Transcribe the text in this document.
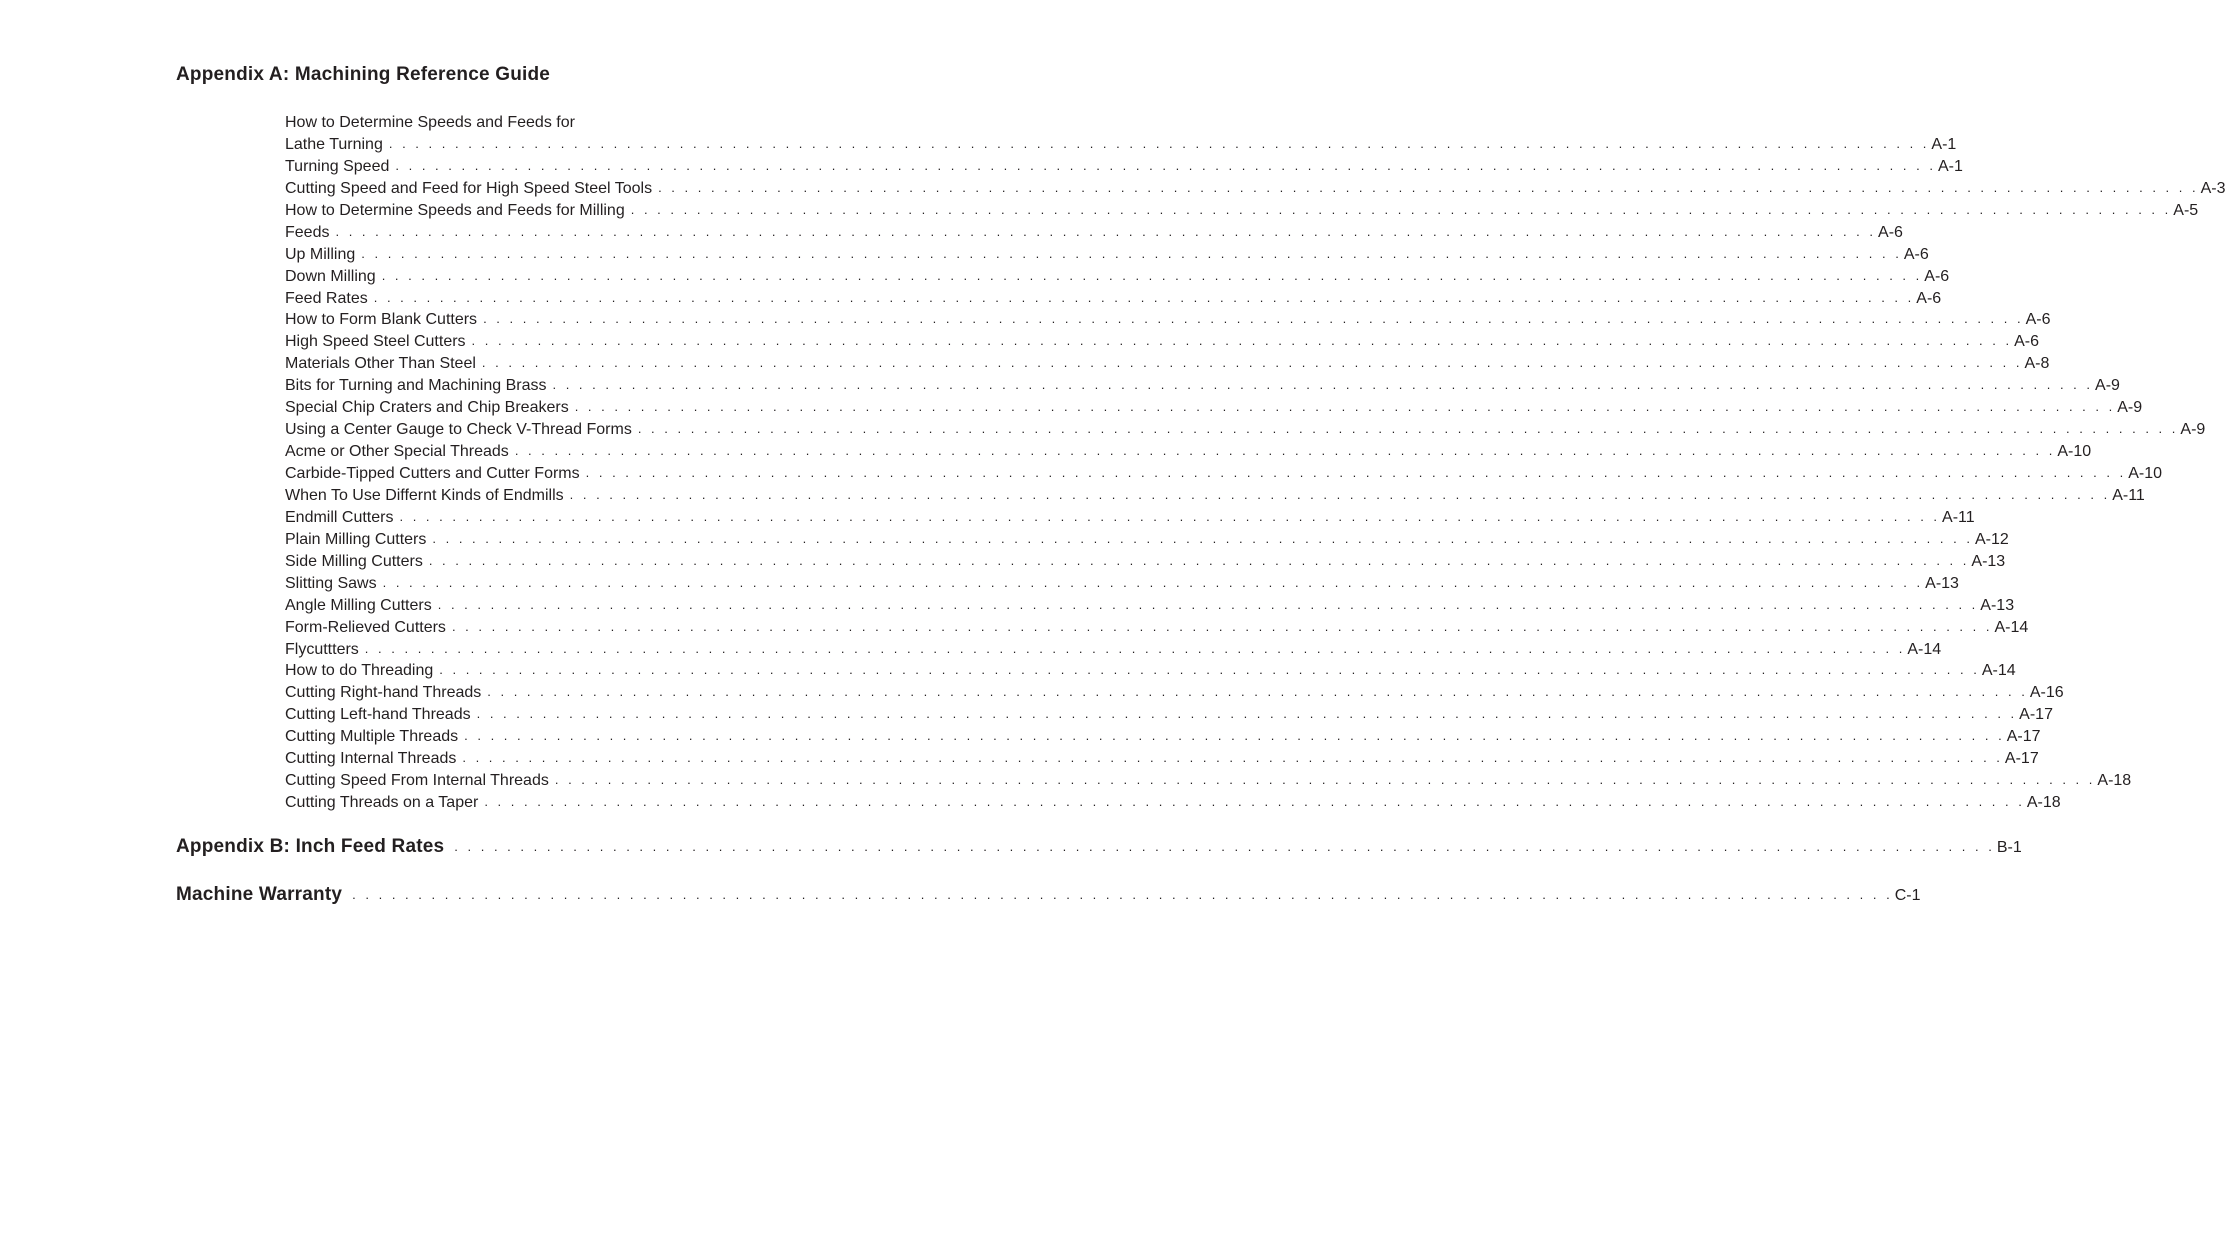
Appendix A: Machining Reference Guide
How to Determine Speeds and Feeds for
Lathe Turning . . . . . . . . . . . . . . . . . . . . . . . . . . . . . . . . . . . . . . . . . . . . . . . . . . . . . . . . . . . . . . . . . . . . . . . . . . . . . . . . . . . . . . . . . . . . . . . . . . . . . . . . . . . . . . . . . . . . . A-1
Turning Speed . . . . . . . . . . . . . . . . . . . . . . . . . . . . . . . . . . . . . . . . . . . . . . . . . . . . . . . . . . . . . . . . . . . . . . . . . . . . . . . . . . . . . . . . . . . . . . . . . . . . . . . . . . . . . . . . . . . . . A-1
Cutting Speed and Feed for High Speed Steel Tools . . . . . . . . . . . . . . . . . . . . . . . . . . . . . . . . . . . . . . . . . . . . . . . . . . . . . . . . . . . . . . . . . . . . . . . . . . . . . . . . . . . . . . . . . . . . . . . . . . . . . . . . . . . . . . . . . . . . . A-3
How to Determine Speeds and Feeds for Milling . . . . . . . . . . . . . . . . . . . . . . . . . . . . . . . . . . . . . . . . . . . . . . . . . . . . . . . . . . . . . . . . . . . . . . . . . . . . . . . . . . . . . . . . . . . . . . . . . . . . . . . . . . . . . . . . . . . . . A-5
Feeds . . . . . . . . . . . . . . . . . . . . . . . . . . . . . . . . . . . . . . . . . . . . . . . . . . . . . . . . . . . . . . . . . . . . . . . . . . . . . . . . . . . . . . . . . . . . . . . . . . . . . . . . . . . . . . . . . . . . . A-6
Up Milling . . . . . . . . . . . . . . . . . . . . . . . . . . . . . . . . . . . . . . . . . . . . . . . . . . . . . . . . . . . . . . . . . . . . . . . . . . . . . . . . . . . . . . . . . . . . . . . . . . . . . . . . . . . . . . . . . . . . . A-6
Down Milling . . . . . . . . . . . . . . . . . . . . . . . . . . . . . . . . . . . . . . . . . . . . . . . . . . . . . . . . . . . . . . . . . . . . . . . . . . . . . . . . . . . . . . . . . . . . . . . . . . . . . . . . . . . . . . . . . . . . . A-6
Feed Rates . . . . . . . . . . . . . . . . . . . . . . . . . . . . . . . . . . . . . . . . . . . . . . . . . . . . . . . . . . . . . . . . . . . . . . . . . . . . . . . . . . . . . . . . . . . . . . . . . . . . . . . . . . . . . . . . . . . . . A-6
How to Form Blank Cutters . . . . . . . . . . . . . . . . . . . . . . . . . . . . . . . . . . . . . . . . . . . . . . . . . . . . . . . . . . . . . . . . . . . . . . . . . . . . . . . . . . . . . . . . . . . . . . . . . . . . . . . . . . . . . . . . . . . . . A-6
High Speed Steel Cutters . . . . . . . . . . . . . . . . . . . . . . . . . . . . . . . . . . . . . . . . . . . . . . . . . . . . . . . . . . . . . . . . . . . . . . . . . . . . . . . . . . . . . . . . . . . . . . . . . . . . . . . . . . . . . . . . . . . . . A-6
Materials Other Than Steel . . . . . . . . . . . . . . . . . . . . . . . . . . . . . . . . . . . . . . . . . . . . . . . . . . . . . . . . . . . . . . . . . . . . . . . . . . . . . . . . . . . . . . . . . . . . . . . . . . . . . . . . . . . . . . . . . . . . . A-8
Bits for Turning and Machining Brass . . . . . . . . . . . . . . . . . . . . . . . . . . . . . . . . . . . . . . . . . . . . . . . . . . . . . . . . . . . . . . . . . . . . . . . . . . . . . . . . . . . . . . . . . . . . . . . . . . . . . . . . . . . . . . . . . . . . . A-9
Special Chip Craters and Chip Breakers . . . . . . . . . . . . . . . . . . . . . . . . . . . . . . . . . . . . . . . . . . . . . . . . . . . . . . . . . . . . . . . . . . . . . . . . . . . . . . . . . . . . . . . . . . . . . . . . . . . . . . . . . . . . . . . . . . . . . A-9
Using a Center Gauge to Check V-Thread Forms . . . . . . . . . . . . . . . . . . . . . . . . . . . . . . . . . . . . . . . . . . . . . . . . . . . . . . . . . . . . . . . . . . . . . . . . . . . . . . . . . . . . . . . . . . . . . . . . . . . . . . . . . . . . . . . . . . . . . A-9
Acme or Other Special Threads . . . . . . . . . . . . . . . . . . . . . . . . . . . . . . . . . . . . . . . . . . . . . . . . . . . . . . . . . . . . . . . . . . . . . . . . . . . . . . . . . . . . . . . . . . . . . . . . . . . . . . . . . . . . . . . . . . . . . A-10
Carbide-Tipped Cutters and Cutter Forms . . . . . . . . . . . . . . . . . . . . . . . . . . . . . . . . . . . . . . . . . . . . . . . . . . . . . . . . . . . . . . . . . . . . . . . . . . . . . . . . . . . . . . . . . . . . . . . . . . . . . . . . . . . . . . . . . . . . . A-10
When To Use Differnt Kinds of Endmills . . . . . . . . . . . . . . . . . . . . . . . . . . . . . . . . . . . . . . . . . . . . . . . . . . . . . . . . . . . . . . . . . . . . . . . . . . . . . . . . . . . . . . . . . . . . . . . . . . . . . . . . . . . . . . . . . . . . . A-11
Endmill Cutters . . . . . . . . . . . . . . . . . . . . . . . . . . . . . . . . . . . . . . . . . . . . . . . . . . . . . . . . . . . . . . . . . . . . . . . . . . . . . . . . . . . . . . . . . . . . . . . . . . . . . . . . . . . . . . . . . . . . . A-11
Plain Milling Cutters . . . . . . . . . . . . . . . . . . . . . . . . . . . . . . . . . . . . . . . . . . . . . . . . . . . . . . . . . . . . . . . . . . . . . . . . . . . . . . . . . . . . . . . . . . . . . . . . . . . . . . . . . . . . . . . . . . . . . A-12
Side Milling Cutters . . . . . . . . . . . . . . . . . . . . . . . . . . . . . . . . . . . . . . . . . . . . . . . . . . . . . . . . . . . . . . . . . . . . . . . . . . . . . . . . . . . . . . . . . . . . . . . . . . . . . . . . . . . . . . . . . . . . . A-13
Slitting Saws . . . . . . . . . . . . . . . . . . . . . . . . . . . . . . . . . . . . . . . . . . . . . . . . . . . . . . . . . . . . . . . . . . . . . . . . . . . . . . . . . . . . . . . . . . . . . . . . . . . . . . . . . . . . . . . . . . . . . A-13
Angle Milling Cutters . . . . . . . . . . . . . . . . . . . . . . . . . . . . . . . . . . . . . . . . . . . . . . . . . . . . . . . . . . . . . . . . . . . . . . . . . . . . . . . . . . . . . . . . . . . . . . . . . . . . . . . . . . . . . . . . . . . . . A-13
Form-Relieved Cutters . . . . . . . . . . . . . . . . . . . . . . . . . . . . . . . . . . . . . . . . . . . . . . . . . . . . . . . . . . . . . . . . . . . . . . . . . . . . . . . . . . . . . . . . . . . . . . . . . . . . . . . . . . . . . . . . . . . . . A-14
Flycuttters . . . . . . . . . . . . . . . . . . . . . . . . . . . . . . . . . . . . . . . . . . . . . . . . . . . . . . . . . . . . . . . . . . . . . . . . . . . . . . . . . . . . . . . . . . . . . . . . . . . . . . . . . . . . . . . . . . . . . A-14
How to do Threading . . . . . . . . . . . . . . . . . . . . . . . . . . . . . . . . . . . . . . . . . . . . . . . . . . . . . . . . . . . . . . . . . . . . . . . . . . . . . . . . . . . . . . . . . . . . . . . . . . . . . . . . . . . . . . . . . . . . . A-14
Cutting Right-hand Threads . . . . . . . . . . . . . . . . . . . . . . . . . . . . . . . . . . . . . . . . . . . . . . . . . . . . . . . . . . . . . . . . . . . . . . . . . . . . . . . . . . . . . . . . . . . . . . . . . . . . . . . . . . . . . . . . . . . . . A-16
Cutting Left-hand Threads . . . . . . . . . . . . . . . . . . . . . . . . . . . . . . . . . . . . . . . . . . . . . . . . . . . . . . . . . . . . . . . . . . . . . . . . . . . . . . . . . . . . . . . . . . . . . . . . . . . . . . . . . . . . . . . . . . . . . A-17
Cutting Multiple Threads . . . . . . . . . . . . . . . . . . . . . . . . . . . . . . . . . . . . . . . . . . . . . . . . . . . . . . . . . . . . . . . . . . . . . . . . . . . . . . . . . . . . . . . . . . . . . . . . . . . . . . . . . . . . . . . . . . . . . A-17
Cutting Internal Threads . . . . . . . . . . . . . . . . . . . . . . . . . . . . . . . . . . . . . . . . . . . . . . . . . . . . . . . . . . . . . . . . . . . . . . . . . . . . . . . . . . . . . . . . . . . . . . . . . . . . . . . . . . . . . . . . . . . . . A-17
Cutting Speed From Internal Threads . . . . . . . . . . . . . . . . . . . . . . . . . . . . . . . . . . . . . . . . . . . . . . . . . . . . . . . . . . . . . . . . . . . . . . . . . . . . . . . . . . . . . . . . . . . . . . . . . . . . . . . . . . . . . . . . . . . . . A-18
Cutting Threads on a Taper . . . . . . . . . . . . . . . . . . . . . . . . . . . . . . . . . . . . . . . . . . . . . . . . . . . . . . . . . . . . . . . . . . . . . . . . . . . . . . . . . . . . . . . . . . . . . . . . . . . . . . . . . . . . . . . . . . . . . A-18
Appendix B: Inch Feed Rates . . . . . . . . . . . . . . . . . . . . . . . . . . . . . . . . . . . . . . . . . . . . . . . . . . . . . . . . . . . . . . . . . . . . . . . . . . . . . . . . . . . . . . . . . . . . . . . . . . . . . . . . . . . . . . . . . . . . . B-1
Machine Warranty . . . . . . . . . . . . . . . . . . . . . . . . . . . . . . . . . . . . . . . . . . . . . . . . . . . . . . . . . . . . . . . . . . . . . . . . . . . . . . . . . . . . . . . . . . . . . . . . . . . . . . . . . . . . . . . . . . . . . C-1
